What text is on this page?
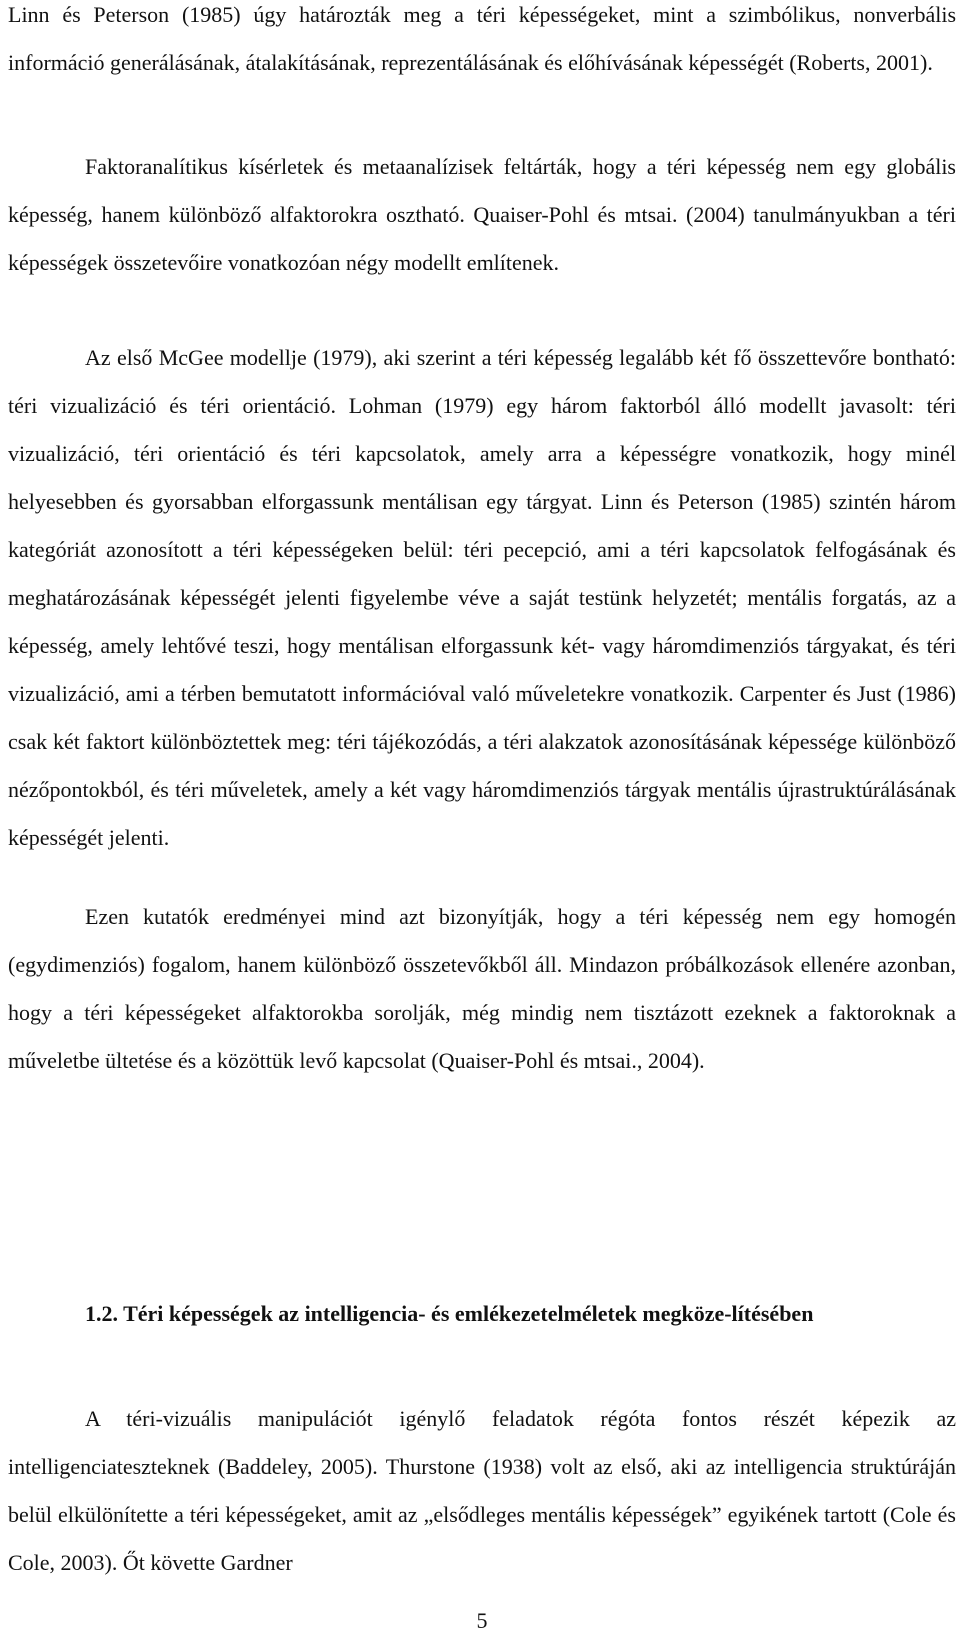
Linn és Peterson (1985) úgy határozták meg a téri képességeket, mint a szimbólikus, nonverbális információ generálásának, átalakításának, reprezentálásának és előhívásának képességét (Roberts, 2001).

Faktoranalítikus kísérletek és metaanalízisek feltárták, hogy a téri képesség nem egy globális képesség, hanem különböző alfaktorokra osztható. Quaiser-Pohl és mtsai. (2004) tanulmányukban a téri képességek összetevőire vonatkozóan négy modellt említenek.

Az első McGee modellje (1979), aki szerint a téri képesség legalább két fő összettevőre bontható: téri vizualizáció és téri orientáció. Lohman (1979) egy három faktorból álló modellt javasolt: téri vizualizáció, téri orientáció és téri kapcsolatok, amely arra a képességre vonatkozik, hogy minél helyesebben és gyorsabban elforgassunk mentálisan egy tárgyat. Linn és Peterson (1985) szintén három kategóriát azonosított a téri képességeken belül: téri pecepció, ami a téri kapcsolatok felfogásának és meghatározásának képességét jelenti figyelembe véve a saját testünk helyzetét; mentális forgatás, az a képesség, amely lehtővé teszi, hogy mentálisan elforgassunk két- vagy háromdimenziós tárgyakat, és téri vizualizáció, ami a térben bemutatott információval való műveletekre vonatkozik. Carpenter és Just (1986) csak két faktort különböztettek meg: téri tájékozódás, a téri alakzatok azonosításának képessége különböző nézőpontokból, és téri műveletek, amely a két vagy háromdimenziós tárgyak mentális újrastruktúrálásának képességét jelenti.

Ezen kutatók eredményei mind azt bizonyítják, hogy a téri képesség nem egy homogén (egydimenziós) fogalom, hanem különböző összetevőkből áll. Mindazon próbálkozások ellenére azonban, hogy a téri képességeket alfaktorokba sorolják, még mindig nem tisztázott ezeknek a faktoroknak a műveletbe ültetése és a közöttük levő kapcsolat (Quaiser-Pohl és mtsai., 2004).

1.2. Téri képességek az intelligencia- és emlékezetelméletek megköze-lítésében

A téri-vizuális manipulációt igénylő feladatok régóta fontos részét képezik az intelligenciateszteknek (Baddeley, 2005). Thurstone (1938) volt az első, aki az intelligencia struktúráján belül elkülönítette a téri képességeket, amit az „elsődleges mentális képességek” egyikének tartott (Cole és Cole, 2003). Őt követte Gardner

5
